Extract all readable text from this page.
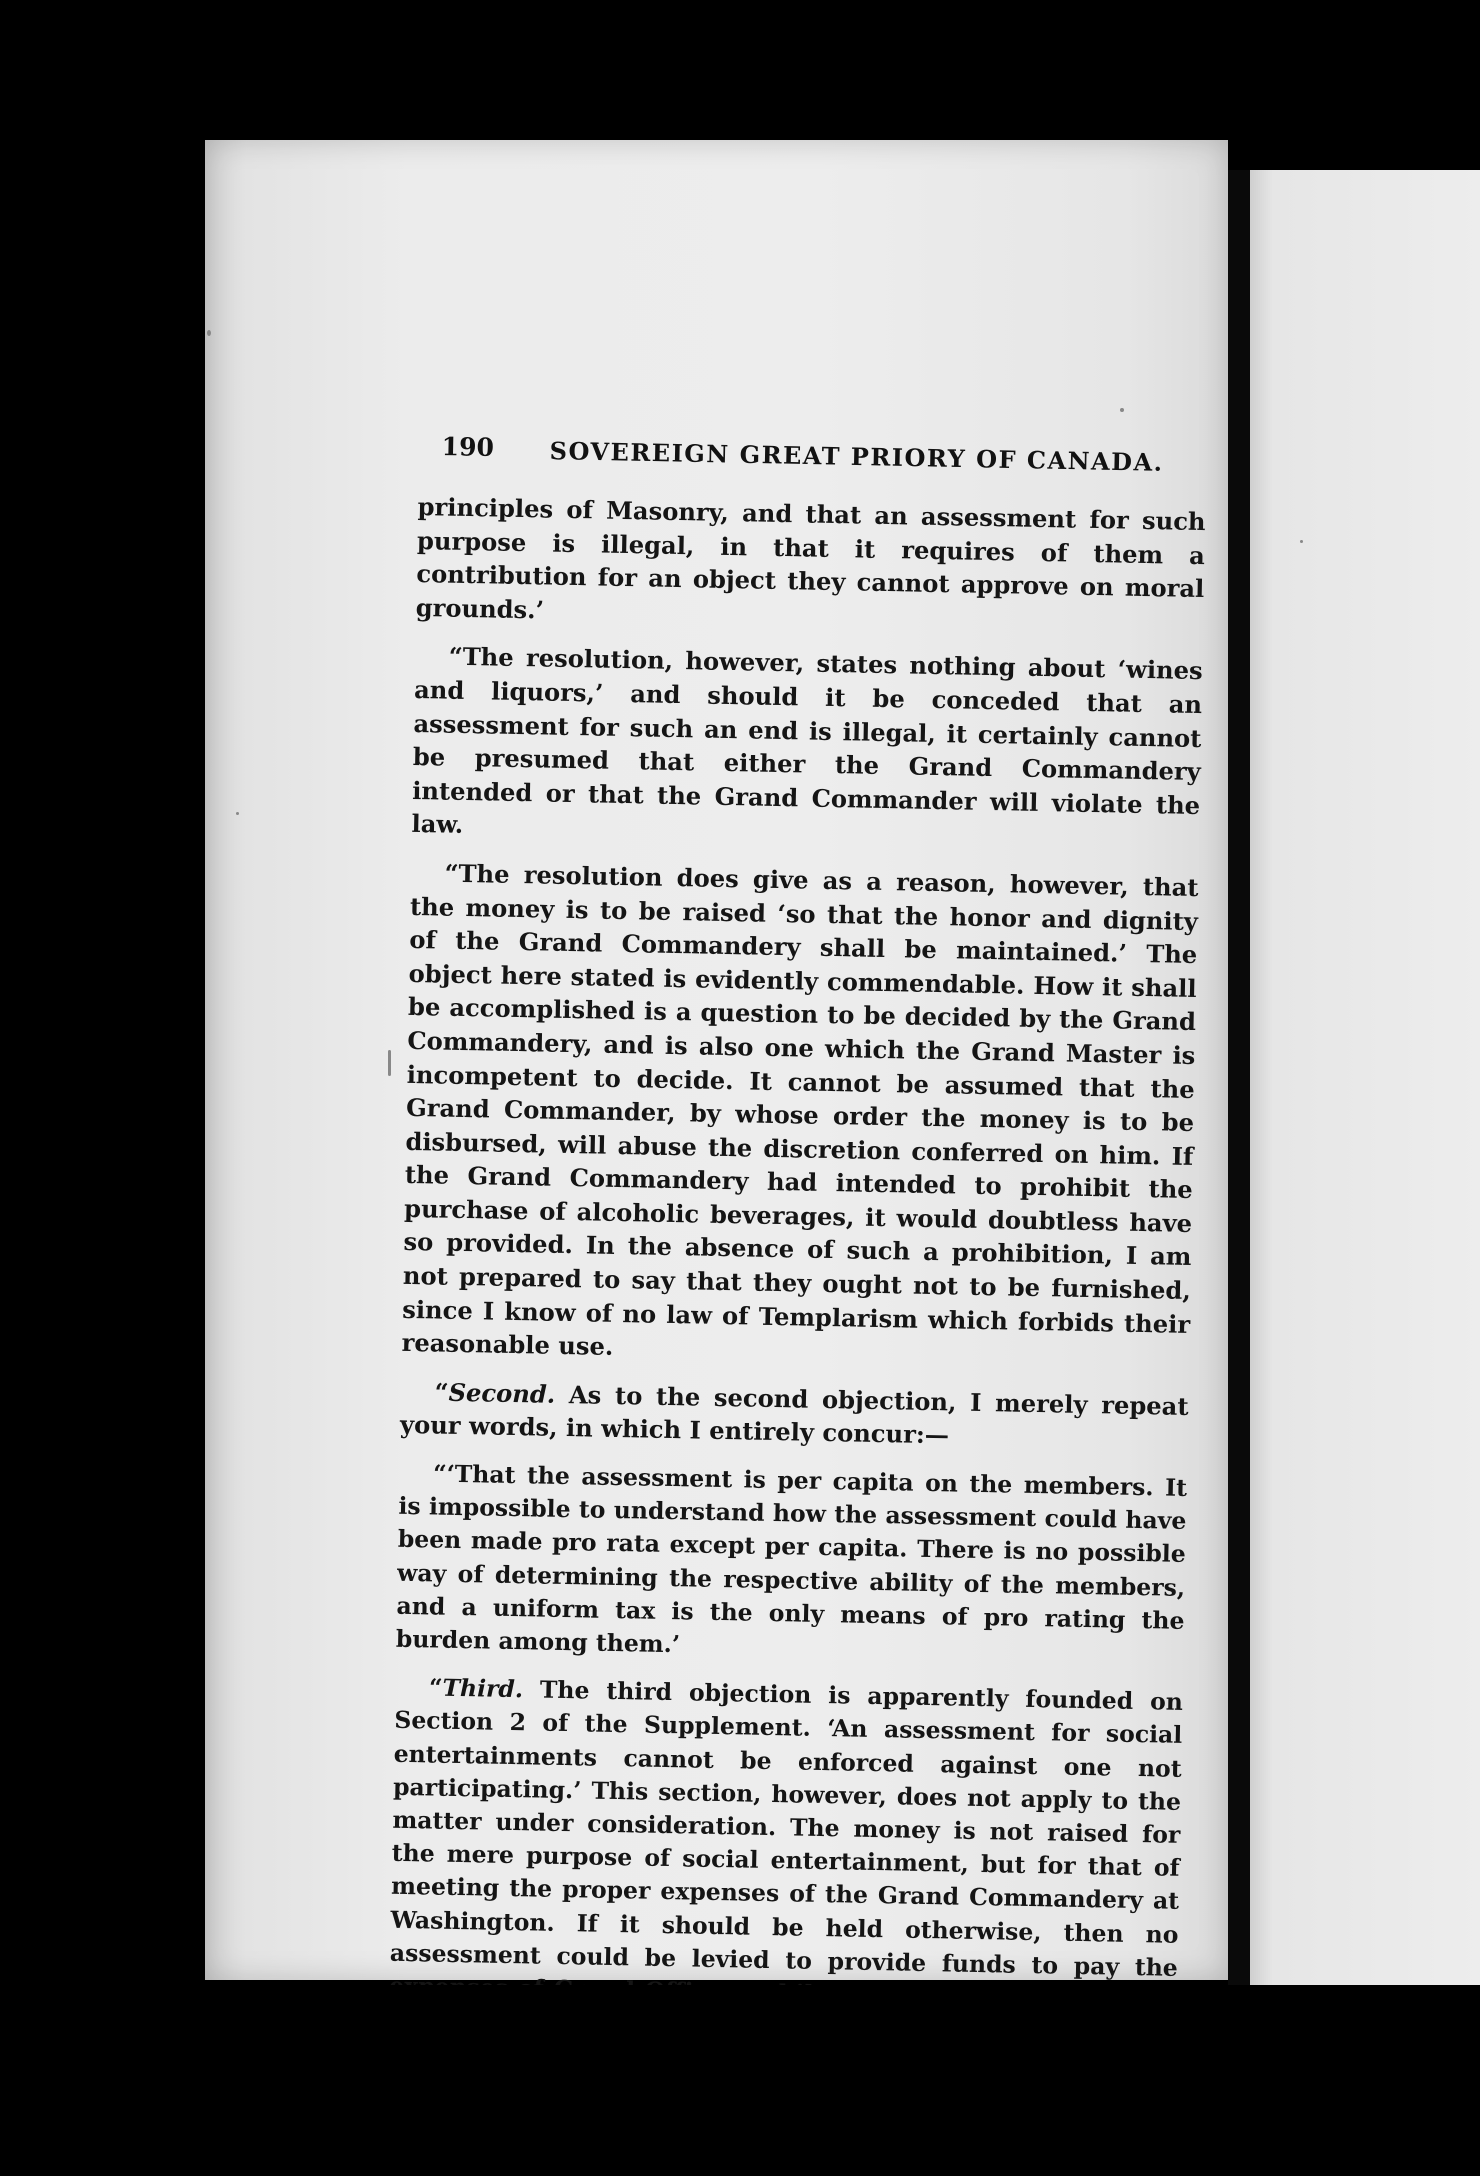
190 SOVEREIGN GREAT PRIORY OF CANADA.

principles of Masonry, and that an assessment for such purpose is illegal, in that it requires of them a contribution for an object they cannot approve on moral grounds.’

“The resolution, however, states nothing about ‘wines and liquors,’ and should it be conceded that an assessment for such an end is illegal, it certainly cannot be presumed that either the Grand Commandery intended or that the Grand Commander will violate the law.

“The resolution does give as a reason, however, that the money is to be raised ‘so that the honor and dignity of the Grand Commandery shall be maintained.’ The object here stated is evidently commendable. How it shall be accomplished is a question to be decided by the Grand Commandery, and is also one which the Grand Master is incompetent to decide. It cannot be assumed that the Grand Commander, by whose order the money is to be disbursed, will abuse the discretion conferred on him. If the Grand Commandery had intended to prohibit the purchase of alcoholic beverages, it would doubtless have so provided. In the absence of such a prohibition, I am not prepared to say that they ought not to be furnished, since I know of no law of Templarism which forbids their reasonable use.

“Second. As to the second objection, I merely repeat your words, in which I entirely concur:—

“‘That the assessment is per capita on the members. It is impossible to understand how the assessment could have been made pro rata except per capita. There is no possible way of determining the respective ability of the members, and a uniform tax is the only means of pro rating the burden among them.’

“Third. The third objection is apparently founded on Section 2 of the Supplement. ‘An assessment for social entertainments cannot be enforced against one not participating.’ This section, however, does not apply to the matter under consideration. The money is not raised for the mere purpose of social entertainment, but for that of meeting the proper expenses of the Grand Commandery at Washington. If it should be held otherwise, then no assessment could be levied to provide funds to pay the
